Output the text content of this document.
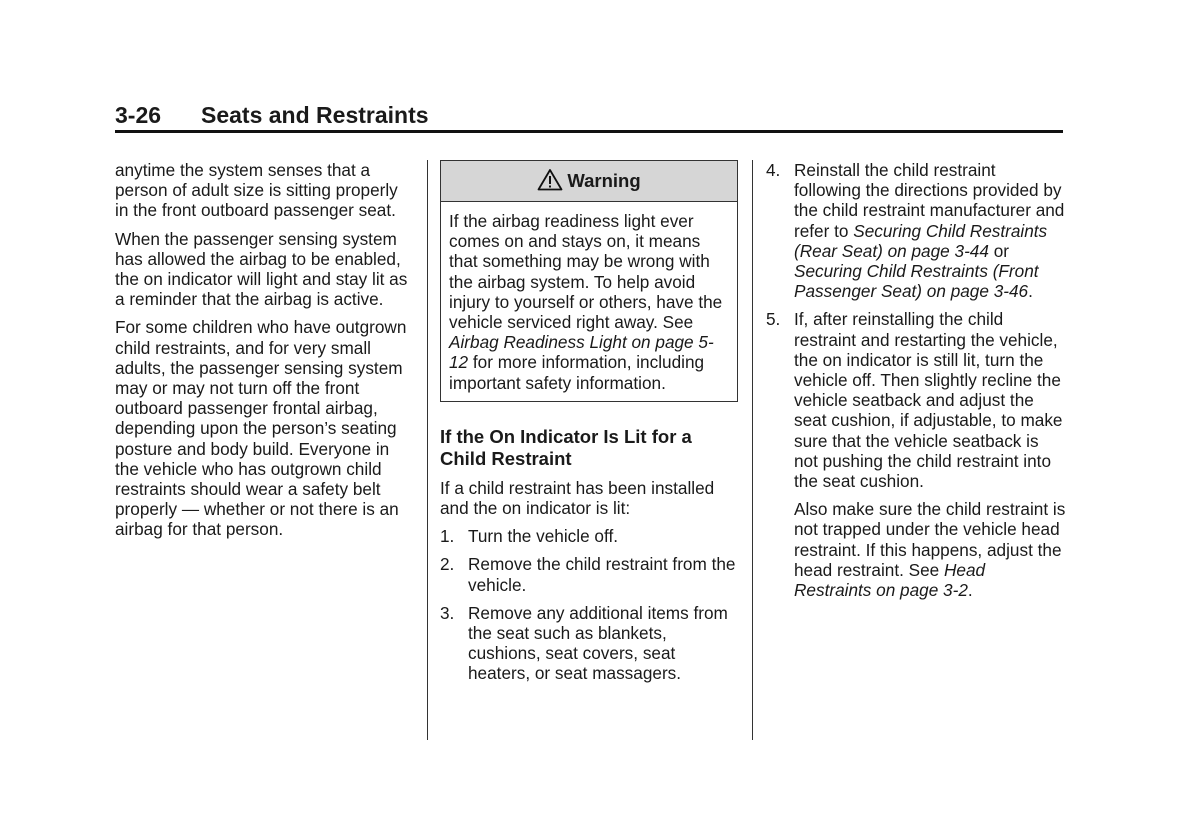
3-26 Seats and Restraints

anytime the system senses that a person of adult size is sitting properly in the front outboard passenger seat.

When the passenger sensing system has allowed the airbag to be enabled, the on indicator will light and stay lit as a reminder that the airbag is active.

For some children who have outgrown child restraints, and for very small adults, the passenger sensing system may or may not turn off the front outboard passenger frontal airbag, depending upon the person’s seating posture and body build. Everyone in the vehicle who has outgrown child restraints should wear a safety belt properly — whether or not there is an airbag for that person.

Warning
If the airbag readiness light ever comes on and stays on, it means that something may be wrong with the airbag system. To help avoid injury to yourself or others, have the vehicle serviced right away. See Airbag Readiness Light on page 5-12 for more information, including important safety information.
If the On Indicator Is Lit for a Child Restraint

If a child restraint has been installed and the on indicator is lit:

1. Turn the vehicle off.
2. Remove the child restraint from the vehicle.
3. Remove any additional items from the seat such as blankets, cushions, seat covers, seat heaters, or seat massagers.
4. Reinstall the child restraint following the directions provided by the child restraint manufacturer and refer to Securing Child Restraints (Rear Seat) on page 3-44 or Securing Child Restraints (Front Passenger Seat) on page 3-46.
5. If, after reinstalling the child restraint and restarting the vehicle, the on indicator is still lit, turn the vehicle off. Then slightly recline the vehicle seatback and adjust the seat cushion, if adjustable, to make sure that the vehicle seatback is not pushing the child restraint into the seat cushion.
Also make sure the child restraint is not trapped under the vehicle head restraint. If this happens, adjust the head restraint. See Head Restraints on page 3-2.
